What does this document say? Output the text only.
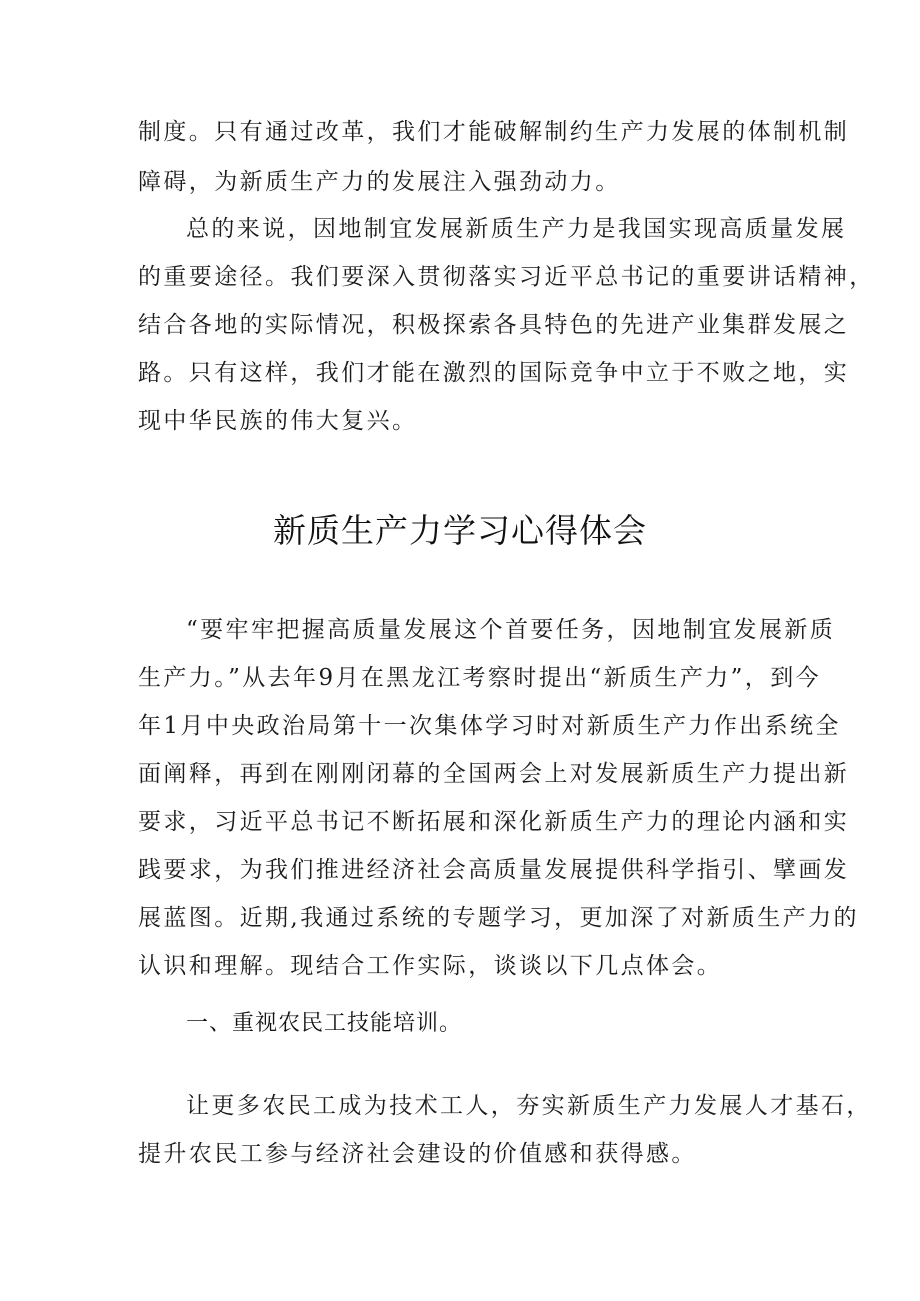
制度。只有通过改革，我们才能破解制约生产力发展的体制机制
障碍，为新质生产力的发展注入强劲动力。
总的来说，因地制宜发展新质生产力是我国实现高质量发展
的重要途径。我们要深入贯彻落实习近平总书记的重要讲话精神，
结合各地的实际情况，积极探索各具特色的先进产业集群发展之
路。只有这样，我们才能在激烈的国际竞争中立于不败之地，实
现中华民族的伟大复兴。
新质生产力学习心得体会
“要牢牢把握高质量发展这个首要任务，因地制宜发展新质
生产力。”从去年9月在黑龙江考察时提出“新质生产力”，到今
年1月中央政治局第十一次集体学习时对新质生产力作出系统全
面阐释，再到在刚刚闭幕的全国两会上对发展新质生产力提出新
要求，习近平总书记不断拓展和深化新质生产力的理论内涵和实
践要求，为我们推进经济社会高质量发展提供科学指引、擘画发
展蓝图。近期,我通过系统的专题学习，更加深了对新质生产力的
认识和理解。现结合工作实际，谈谈以下几点体会。
一、重视农民工技能培训。
让更多农民工成为技术工人，夯实新质生产力发展人才基石，
提升农民工参与经济社会建设的价值感和获得感。
